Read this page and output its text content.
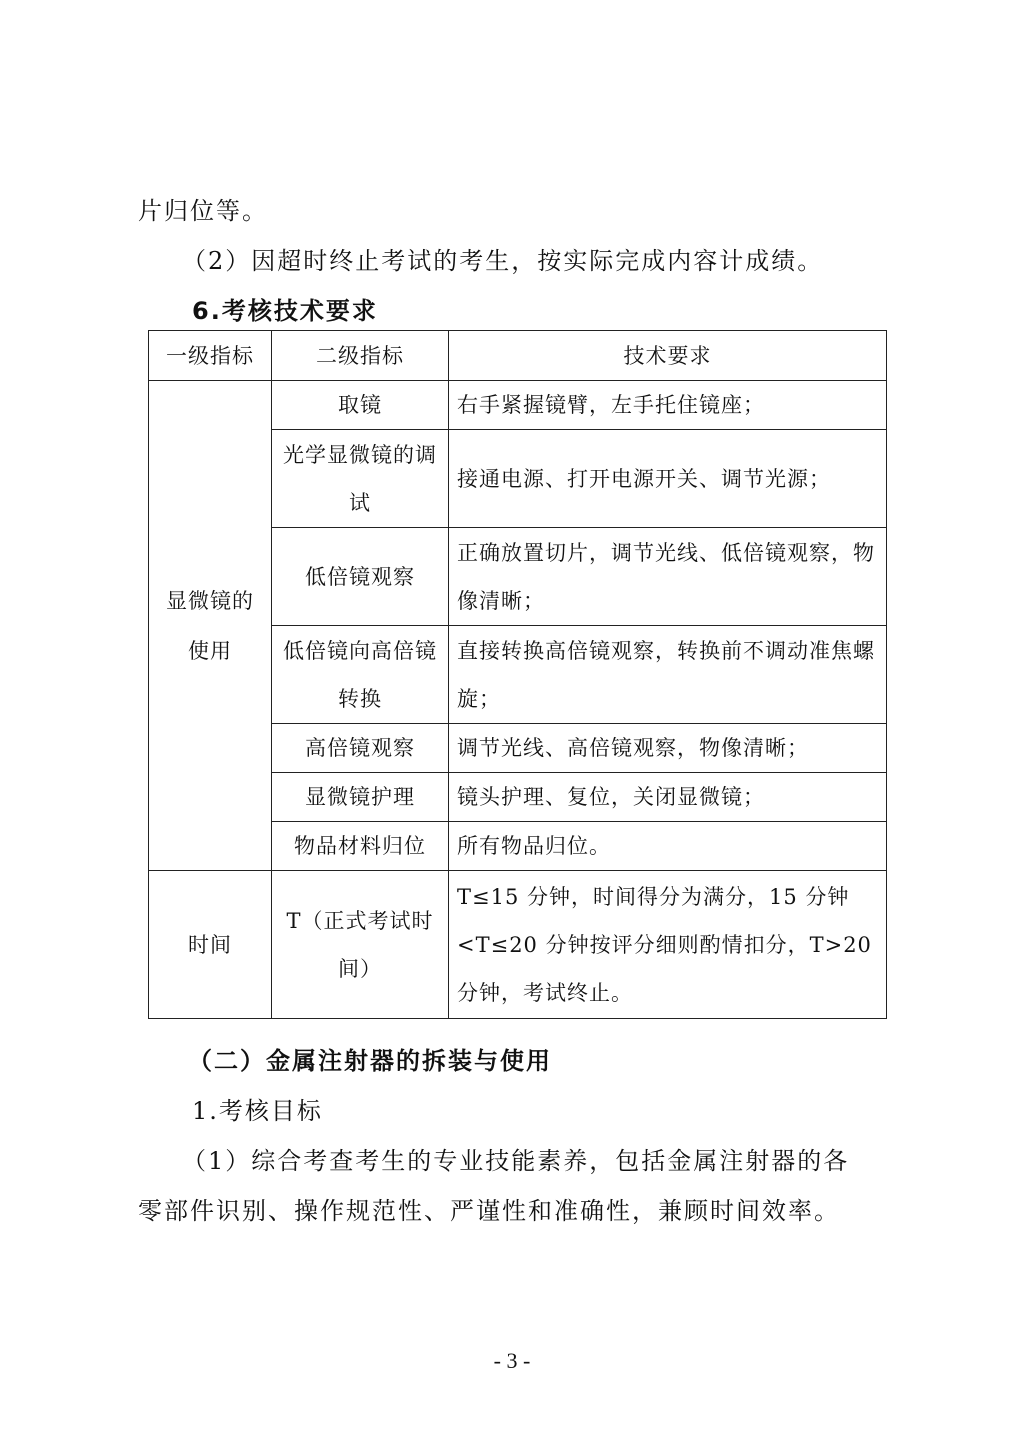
片归位等。
（2）因超时终止考试的考生，按实际完成内容计成绩。
6.考核技术要求
一级指标	二级指标	技术要求
显微镜的使用	取镜	右手紧握镜臂，左手托住镜座；
	光学显微镜的调试	接通电源、打开电源开关、调节光源；
	低倍镜观察	正确放置切片，调节光线、低倍镜观察，物像清晰；
	低倍镜向高倍镜转换	直接转换高倍镜观察，转换前不调动准焦螺旋；
	高倍镜观察	调节光线、高倍镜观察，物像清晰；
	显微镜护理	镜头护理、复位，关闭显微镜；
	物品材料归位	所有物品归位。
时间	T（正式考试时间）	T≤15 分钟，时间得分为满分，15 分钟<T≤20 分钟按评分细则酌情扣分，T>20 分钟，考试终止。
（二）金属注射器的拆装与使用
1.考核目标
（1）综合考查考生的专业技能素养，包括金属注射器的各
零部件识别、操作规范性、严谨性和准确性，兼顾时间效率。
- 3 -
